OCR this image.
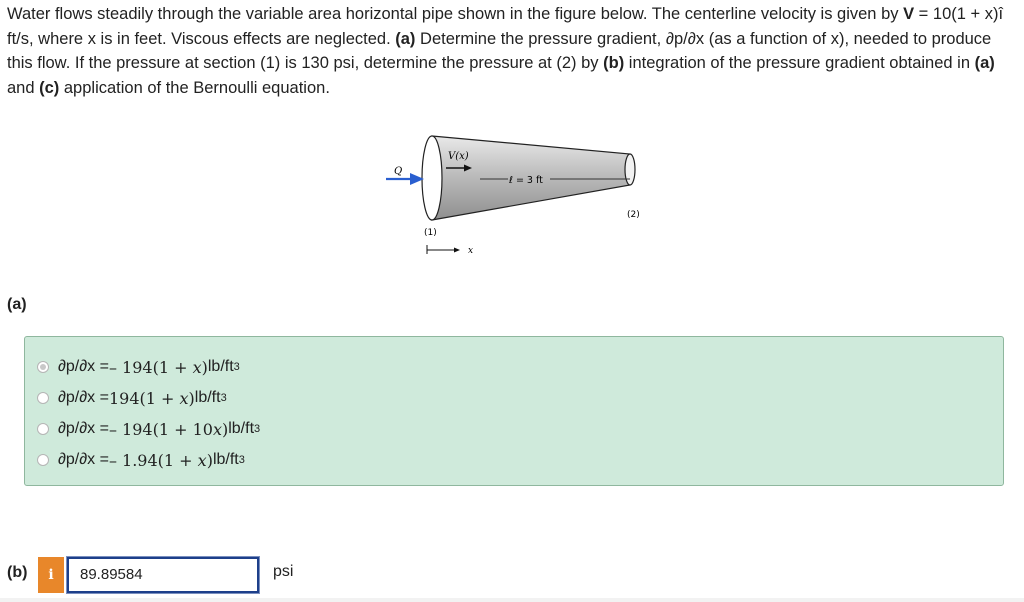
Water flows steadily through the variable area horizontal pipe shown in the figure below. The centerline velocity is given by V = 10(1 + x)î ft/s, where x is in feet. Viscous effects are neglected. (a) Determine the pressure gradient, ∂p/∂x (as a function of x), needed to produce this flow. If the pressure at section (1) is 130 psi, determine the pressure at (2) by (b) integration of the pressure gradient obtained in (a) and (c) application of the Bernoulli equation.
Q
V(x)
ℓ = 3 ft
(1)
(2)
x
(a)
∂p/∂x = – 194(1 + x) lb/ft 3
∂p/∂x = 194(1 + x) lb/ft 3
∂p/∂x = – 194(1 + 10x) lb/ft 3
∂p/∂x = – 1.94(1 + x) lb/ft 3
(b)	i	89.89584	psi
